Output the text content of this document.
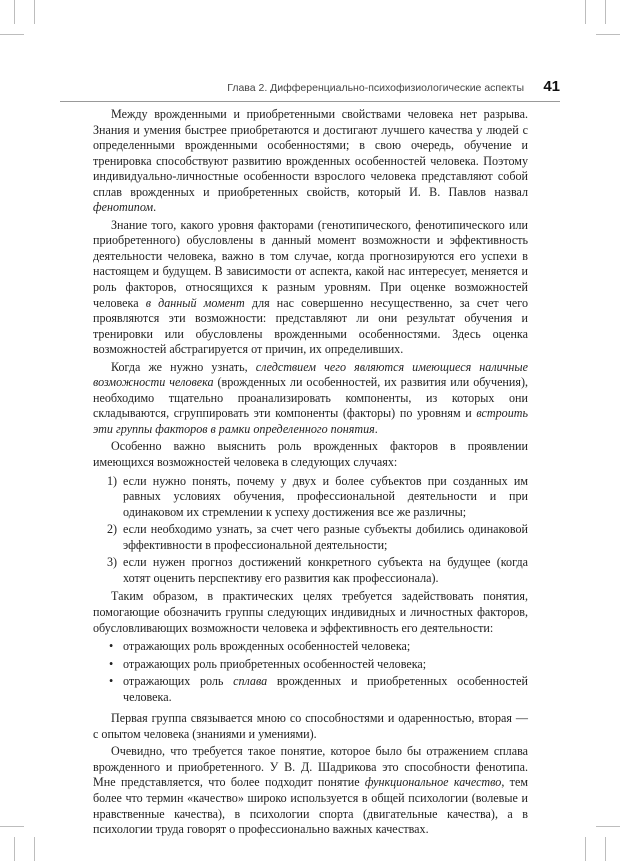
Глава 2. Дифференциально-психофизиологические аспекты 41

Между врожденными и приобретенными свойствами человека нет разрыва. Знания и умения быстрее приобретаются и достигают лучшего качества у людей с определенными врожденными особенностями; в свою очередь, обучение и тренировка способствуют развитию врожденных особенностей человека. Поэтому индивидуально-личностные особенности взрослого человека представляют собой сплав врожденных и приобретенных свойств, который И. В. Павлов назвал фенотипом.

Знание того, какого уровня факторами (генотипического, фенотипического или приобретенного) обусловлены в данный момент возможности и эффективность деятельности человека, важно в том случае, когда прогнозируются его успехи в настоящем и будущем. В зависимости от аспекта, какой нас интересует, меняется и роль факторов, относящихся к разным уровням. При оценке возможностей человека в данный момент для нас совершенно несущественно, за счет чего проявляются эти возможности: представляют ли они результат обучения и тренировки или обусловлены врожденными особенностями. Здесь оценка возможностей абстрагируется от причин, их определивших.

Когда же нужно узнать, следствием чего являются имеющиеся наличные возможности человека (врожденных ли особенностей, их развития или обучения), необходимо тщательно проанализировать компоненты, из которых они складываются, сгруппировать эти компоненты (факторы) по уровням и встроить эти группы факторов в рамки определенного понятия.

Особенно важно выяснить роль врожденных факторов в проявлении имеющихся возможностей человека в следующих случаях:

1) если нужно понять, почему у двух и более субъектов при созданных им равных условиях обучения, профессиональной деятельности и при одинаковом их стремлении к успеху достижения все же различны;
2) если необходимо узнать, за счет чего разные субъекты добились одинаковой эффективности в профессиональной деятельности;
3) если нужен прогноз достижений конкретного субъекта на будущее (когда хотят оценить перспективу его развития как профессионала).

Таким образом, в практических целях требуется задействовать понятия, помогающие обозначить группы следующих индивидных и личностных факторов, обусловливающих возможности человека и эффективность его деятельности:

• отражающих роль врожденных особенностей человека;
• отражающих роль приобретенных особенностей человека;
• отражающих роль сплава врожденных и приобретенных особенностей человека.

Первая группа связывается мною со способностями и одаренностью, вторая — с опытом человека (знаниями и умениями).

Очевидно, что требуется такое понятие, которое было бы отражением сплава врожденного и приобретенного. У В. Д. Шадрикова это способности фенотипа. Мне представляется, что более подходит понятие функциональное качество, тем более что термин «качество» широко используется в общей психологии (волевые и нравственные качества), в психологии спорта (двигательные качества), а в психологии труда говорят о профессионально важных качествах.
